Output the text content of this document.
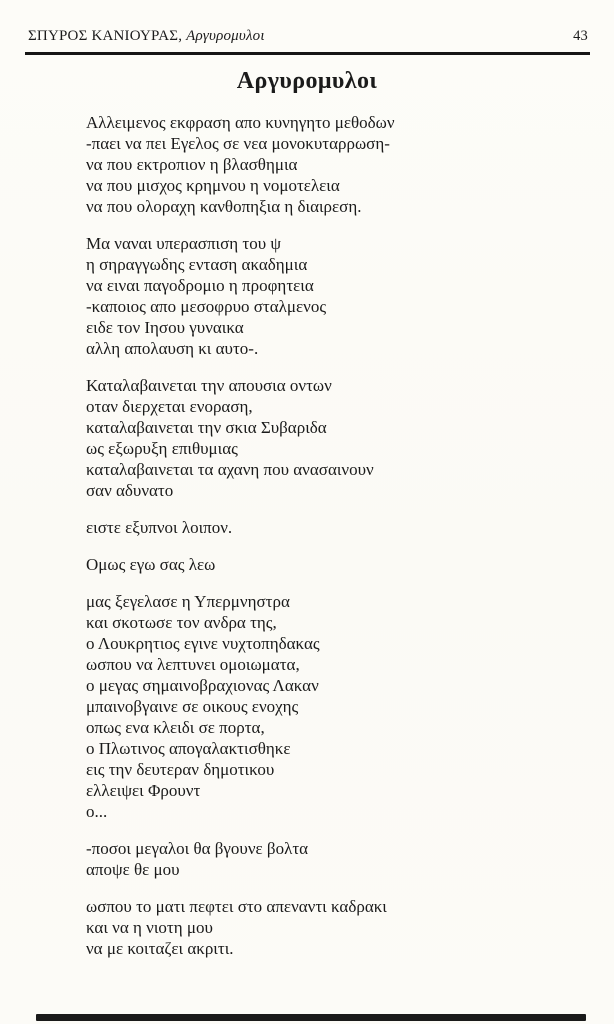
ΣΠΥΡΟΣ ΚΑΝΙΟΥΡΑΣ, Αργυρομυλοι	43
Αργυρομυλοι
Αλλειμενος εκφραση απο κυνηγητο μεθοδων
-παει να πει Εγελος σε νεα μονοκυταρρωση-
να που εκτροπιον η βλασθημια
να που μισχος κρημνου η νομοτελεια
να που ολοραχη κανθοπηξια η διαιρεση.
Μα ναναι υπερασπιση του ψ
η σηραγγωδης ενταση ακαδημια
να ειναι παγοδρομιο η προφητεια
-καποιος απο μεσοφρυο σταλμενος
ειδε τον Ιησου γυναικα
αλλη απολαυση κι αυτο-.
Καταλαβαινεται την απουσια οντων
οταν διερχεται ενοραση,
καταλαβαινεται την σκια Συβαριδα
ως εξωρυξη επιθυμιας
καταλαβαινεται τα αχανη που ανασαινουν
σαν αδυνατο
ειστε εξυπνοι λοιπον.
Ομως εγω σας λεω
μας ξεγελασε η Υπερμνηστρα
και σκοτωσε τον ανδρα της,
ο Λουκρητιος εγινε νυχτοπηδακας
ωσπου να λεπτυνει ομοιωματα,
ο μεγας σημαινοβραχιονας Λακαν
μπαινοβγαινε σε οικους ενοχης
οπως ενα κλειδι σε πορτα,
ο Πλωτινος απογαλακτισθηκε
εις την δευτεραν δημοτικου
ελλειψει Φρουντ
ο...
-ποσοι μεγαλοι θα βγουνε βολτα
αποψε θε μου
ωσπου το ματι πεφτει στο απεναντι καδρακι
και να η νιοτη μου
να με κοιταζει ακριτι.
